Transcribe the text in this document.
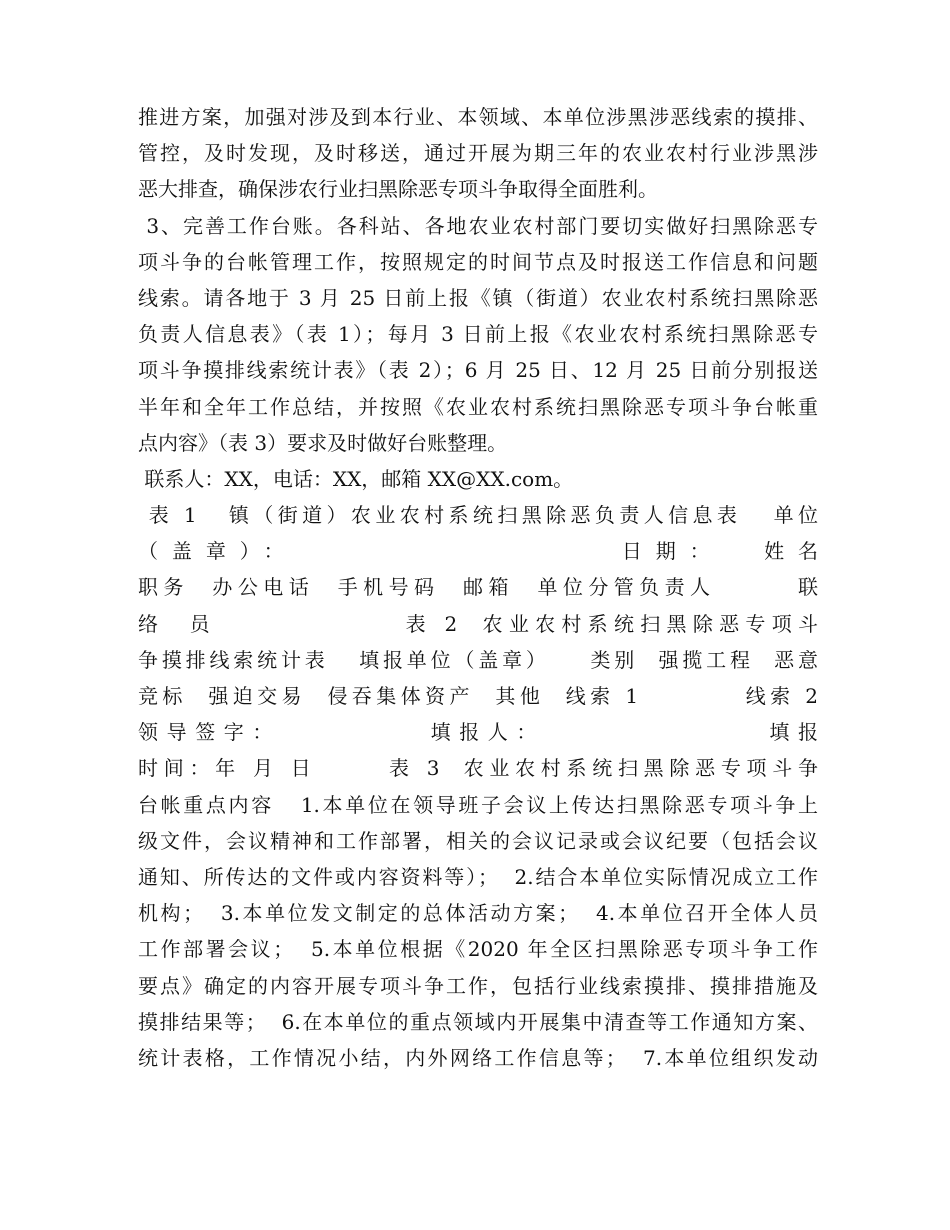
推进方案，加强对涉及到本行业、本领域、本单位涉黑涉恶线索的摸排、
管控，及时发现，及时移送，通过开展为期三年的农业农村行业涉黑涉
恶大排查，确保涉农行业扫黑除恶专项斗争取得全面胜利。
3、完善工作台账。各科站、各地农业农村部门要切实做好扫黑除恶专
项斗争的台帐管理工作，按照规定的时间节点及时报送工作信息和问题
线索。请各地于 3 月 25 日前上报《镇（街道）农业农村系统扫黑除恶
负责人信息表》（表 1）；每月 3 日前上报《农业农村系统扫黑除恶专
项斗争摸排线索统计表》（表 2）；6 月 25 日、12 月 25 日前分别报送
半年和全年工作总结，并按照《农业农村系统扫黑除恶专项斗争台帐重
点内容》（表 3）要求及时做好台账整理。
联系人：XX，电话：XX，邮箱 XX@XX.com。
表 1   镇（街道）农业农村系统扫黑除恶负责人信息表   单位
（盖章）：                日期：  姓名
职务  办公电话  手机号码  邮箱  单位分管负责人       联
络  员               表 2  农业农村系统扫黑除恶专项斗
争摸排线索统计表   填报单位（盖章）    类别  强揽工程  恶意
竞标  强迫交易  侵吞集体资产  其他  线索 1          线索 2
领导签字：          填报人：               填报
时间：年 月 日      表 3  农业农村系统扫黑除恶专项斗争
台帐重点内容   1.本单位在领导班子会议上传达扫黑除恶专项斗争上
级文件，会议精神和工作部署，相关的会议记录或会议纪要（包括会议
通知、所传达的文件或内容资料等）；  2.结合本单位实际情况成立工作
机构；  3.本单位发文制定的总体活动方案；  4.本单位召开全体人员
工作部署会议；  5.本单位根据《2020 年全区扫黑除恶专项斗争工作
要点》确定的内容开展专项斗争工作，包括行业线索摸排、摸排措施及
摸排结果等；  6.在本单位的重点领域内开展集中清查等工作通知方案、
统计表格，工作情况小结，内外网络工作信息等；  7.本单位组织发动
